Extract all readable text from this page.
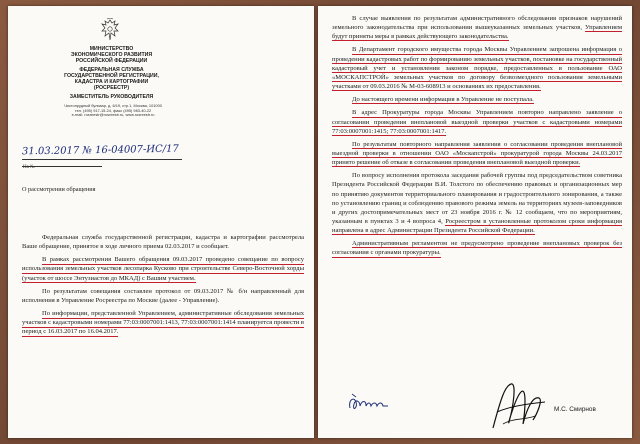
МИНИСТЕРСТВО
ЭКОНОМИЧЕСКОГО РАЗВИТИЯ
РОССИЙСКОЙ ФЕДЕРАЦИИ
ФЕДЕРАЛЬНАЯ СЛУЖБА
ГОСУДАРСТВЕННОЙ РЕГИСТРАЦИИ,
КАДАСТРА И КАРТОГРАФИИ
(РОСРЕЕСТР)
ЗАМЕСТИТЕЛЬ РУКОВОДИТЕЛЯ
Чистопрудный бульвар, д. 6/19, стр.1, Москва, 101000
тел. (495) 917-15-24, факс (495) 983-40-22
e-mail: rosreestr@rosreestr.ru, www.rosreestr.ru
31.03.2017 № 16-04007-ИС/17
На №
О рассмотрении обращения

Федеральная служба государственной регистрации, кадастра и картографии рассмотрела Ваше обращение, принятое в ходе личного приема 02.03.2017 и сообщает.

В рамках рассмотрения Вашего обращения 09.03.2017 проведено совещание по вопросу использования земельных участков лесопарка Кусково при строительстве Северо-Восточной хорды (участок от шоссе Энтузиастов до МКАД) с Вашим участием.

По результатам совещания составлен протокол от 09.03.2017 № б/н направленный для исполнения в Управление Росреестра по Москве (далее - Управление).

По информации, представленной Управлением, административные обследования земельных участков с кадастровыми номерами 77:03:0007001:1413, 77:03:0007001:1414 планируется провести в период с 16.03.2017 по 16.04.2017.

В случае выявления по результатам административного обследования признаков нарушений земельного законодательства при использовании вышеуказанных земельных участков, Управлением будут приняты меры в рамках действующего законодательства.

В Департамент городского имущества города Москвы Управлением запрошена информация о проведении кадастровых работ по формированию земельных участков, постановке на государственный кадастровый учет и установлении законом порядке, предоставленных в пользование ОАО «МОСКАПСТРОЙ» земельных участков по договору безвозмездного пользования земельными участками от 09.03.2016 № М-03-608913 и основаниях их предоставления.

До настоящего времени информация в Управление не поступала.

В адрес Прокуратуры города Москвы Управлением повторно направлено заявление о согласовании проведения внеплановой выездной проверки участков с кадастровыми номерами 77:03:0007001:1415; 77:03:0007001:1417.

По результатам повторного направления заявления о согласовании проведения внеплановой выездной проверки в отношении ОАО «Москапстрой» прокуратурой города Москвы 24.03.2017 принято решение об отказе в согласовании проведения внеплановой выездной проверки.

По вопросу исполнения протокола заседания рабочей группы под председательством советника Президента Российской Федерации В.И. Толстого по обеспечению правовых и организационных мер по принятию документов территориального планирования и градостроительного зонирования, а также по установлению границ и соблюдению правового режима земель на территориях музеев-заповедников и других достопримечательных мест от 23 ноября 2016 г. № 12 сообщаем, что по мероприятиям, указанным в пунктах 3 и 4 вопроса 4, Росреестром в установленные протоколом сроки информация направлена в адрес Администрации Президента Российской Федерации.

Административным регламентом не предусмотрено проведение внеплановых проверок без согласования с органами прокуратуры.

М.С. Смирнов
